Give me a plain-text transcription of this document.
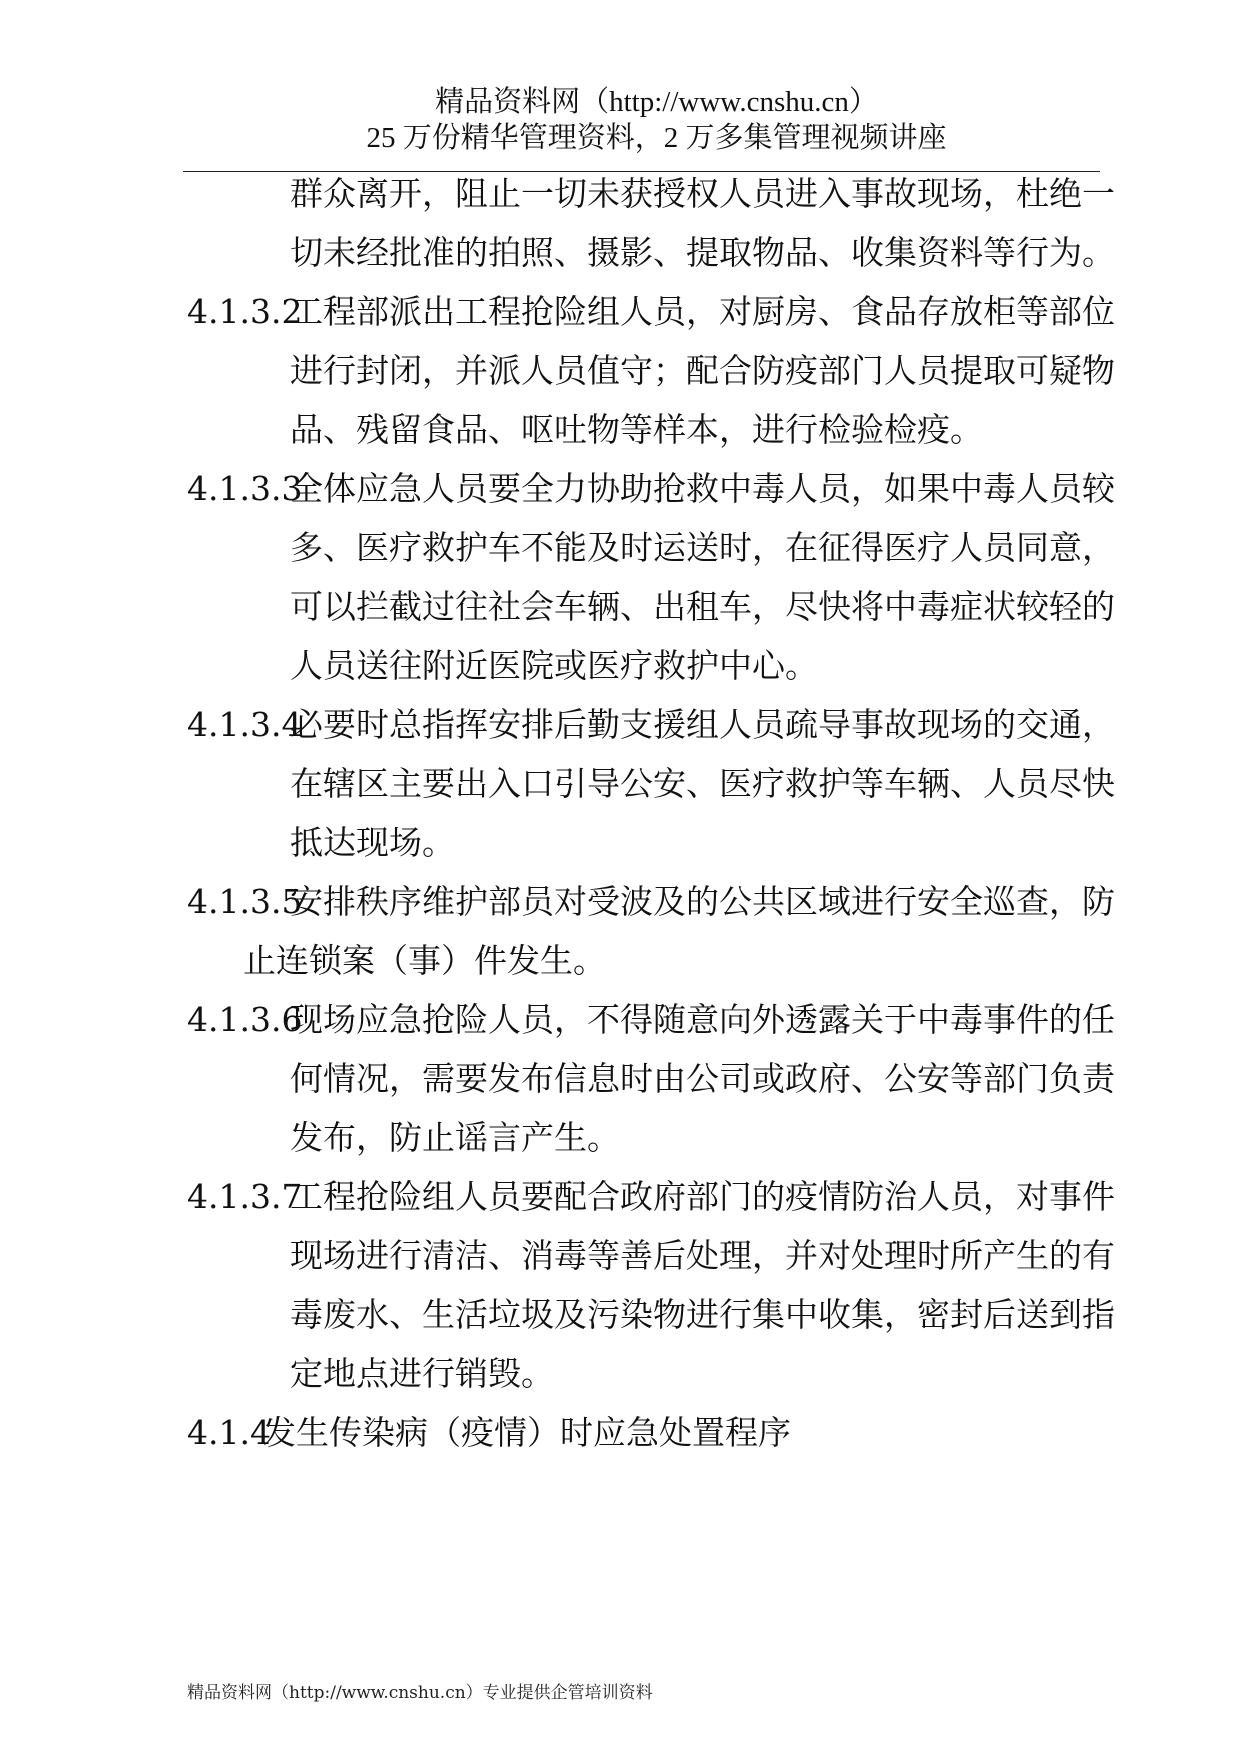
精品资料网（http://www.cnshu.cn）
25 万份精华管理资料，2 万多集管理视频讲座
群众离开，阻止一切未获授权人员进入事故现场，杜绝一
切未经批准的拍照、摄影、提取物品、收集资料等行为。
4.1.3.2
工程部派出工程抢险组人员，对厨房、食品存放柜等部位
进行封闭，并派人员值守；配合防疫部门人员提取可疑物
品、残留食品、呕吐物等样本，进行检验检疫。
4.1.3.3
全体应急人员要全力协助抢救中毒人员，如果中毒人员较
多、医疗救护车不能及时运送时，在征得医疗人员同意，
可以拦截过往社会车辆、出租车，尽快将中毒症状较轻的
人员送往附近医院或医疗救护中心。
4.1.3.4
必要时总指挥安排后勤支援组人员疏导事故现场的交通，
在辖区主要出入口引导公安、医疗救护等车辆、人员尽快
抵达现场。
4.1.3.5
安排秩序维护部员对受波及的公共区域进行安全巡查，防
止连锁案（事）件发生。
4.1.3.6
现场应急抢险人员，不得随意向外透露关于中毒事件的任
何情况，需要发布信息时由公司或政府、公安等部门负责
发布，防止谣言产生。
4.1.3.7
工程抢险组人员要配合政府部门的疫情防治人员，对事件
现场进行清洁、消毒等善后处理，并对处理时所产生的有
毒废水、生活垃圾及污染物进行集中收集，密封后送到指
定地点进行销毁。
4.1.4
发生传染病（疫情）时应急处置程序
精品资料网（http://www.cnshu.cn）专业提供企管培训资料
